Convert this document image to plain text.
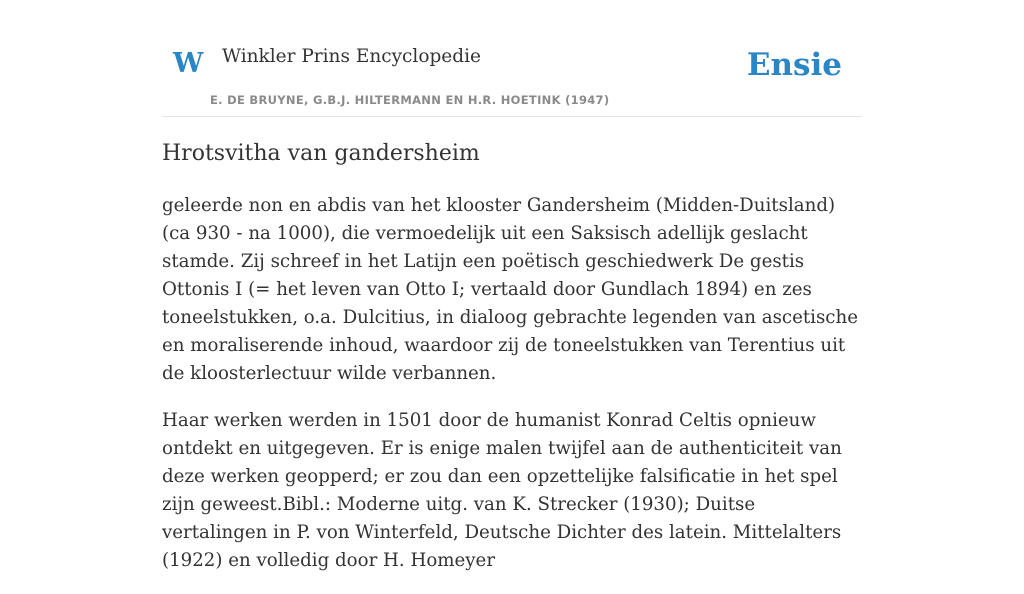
W Winkler Prins Encyclopedie
E. DE BRUYNE, G.B.J. HILTERMANN EN H.R. HOETINK (1947)
Ensie
Hrotsvitha van gandersheim

geleerde non en abdis van het klooster Gandersheim (Midden-Duitsland) (ca 930 - na 1000), die vermoedelijk uit een Saksisch adellijk geslacht stamde. Zij schreef in het Latijn een poëtisch geschiedwerk De gestis Ottonis I (= het leven van Otto I; vertaald door Gundlach 1894) en zes toneelstukken, o.a. Dulcitius, in dialoog gebrachte legenden van ascetische en moraliserende inhoud, waardoor zij de toneelstukken van Terentius uit de kloosterlectuur wilde verbannen.

Haar werken werden in 1501 door de humanist Konrad Celtis opnieuw ontdekt en uitgegeven. Er is enige malen twijfel aan de authenticiteit van deze werken geopperd; er zou dan een opzettelijke falsificatie in het spel zijn geweest.Bibl.: Moderne uitg. van K. Strecker (1930); Duitse vertalingen in P. von Winterfeld, Deutsche Dichter des latein. Mittelalters (1922) en volledig door H. Homeyer
